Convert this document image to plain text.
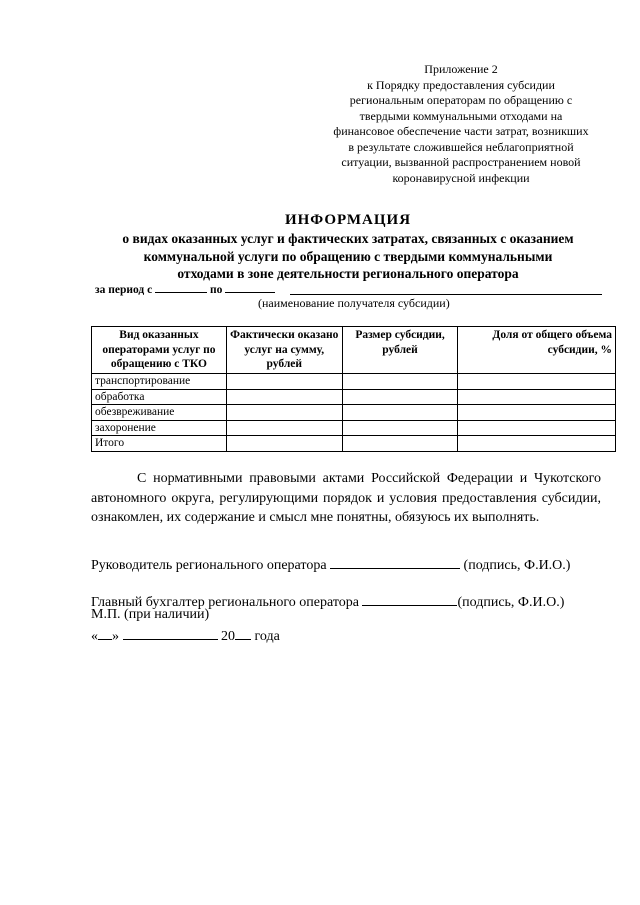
Приложение 2
к Порядку предоставления субсидии
региональным операторам по обращению с
твердыми коммунальными отходами на
финансовое обеспечение части затрат, возникших
в результате сложившейся неблагоприятной
ситуации, вызванной распространением новой
коронавирусной инфекции
ИНФОРМАЦИЯ
о видах оказанных услуг и фактических затратах, связанных с оказанием
коммунальной услуги по обращению с твердыми коммунальными
отходами в зоне деятельности регионального оператора
за период с	по
(наименование получателя субсидии)
Вид оказанных операторами услуг по обращению с ТКО	Фактически оказано услуг на сумму, рублей	Размер субсидии, рублей	Доля от общего объема субсидии, %
транспортирование			
обработка			
обезвреживание			
захоронение			
Итого			
С нормативными правовыми актами Российской Федерации и Чукотского автономного округа, регулирующими порядок и условия предоставления субсидии, ознакомлен, их содержание и смысл мне понятны, обязуюсь их выполнять.
Руководитель регионального оператора	(подпись, Ф.И.О.)
Главный бухгалтер регионального оператора	(подпись, Ф.И.О.)
М.П. (при наличии)
« »	20 года
